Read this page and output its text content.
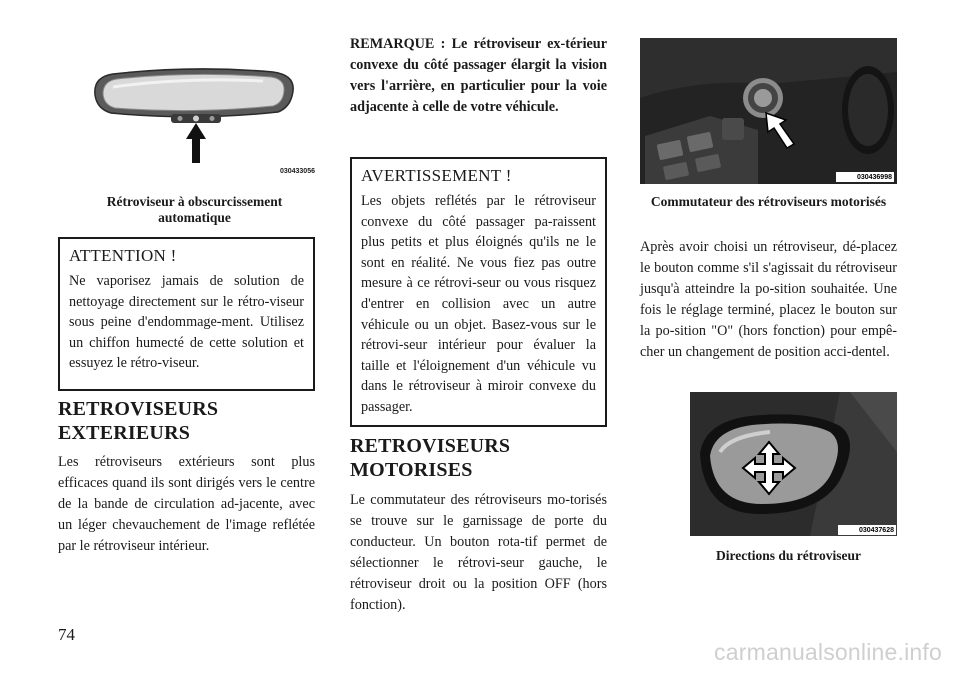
030433056
Rétroviseur à obscurcissement automatique
ATTENTION !
Ne vaporisez jamais de solution de nettoyage directement sur le rétro-viseur sous peine d'endommage-ment. Utilisez un chiffon humecté de cette solution et essuyez le rétro-viseur.
RETROVISEURS EXTERIEURS
Les rétroviseurs extérieurs sont plus efficaces quand ils sont dirigés vers le centre de la bande de circulation ad-jacente, avec un léger chevauchement de l'image reflétée par le rétroviseur intérieur.
REMARQUE : Le rétroviseur ex-térieur convexe du côté passager élargit la vision vers l'arrière, en particulier pour la voie adjacente à celle de votre véhicule.
AVERTISSEMENT !
Les objets reflétés par le rétroviseur convexe du côté passager pa-raissent plus petits et plus éloignés qu'ils ne le sont en réalité. Ne vous fiez pas outre mesure à ce rétrovi-seur ou vous risquez d'entrer en collision avec un autre véhicule ou un objet. Basez-vous sur le rétrovi-seur intérieur pour évaluer la taille et l'éloignement d'un véhicule vu dans le rétroviseur à miroir convexe du passager.
RETROVISEURS MOTORISES
Le commutateur des rétroviseurs mo-torisés se trouve sur le garnissage de porte du conducteur. Un bouton rota-tif permet de sélectionner le rétrovi-seur gauche, le rétroviseur droit ou la position OFF (hors fonction).
030436998
Commutateur des rétroviseurs motorisés
Après avoir choisi un rétroviseur, dé-placez le bouton comme s'il s'agissait du rétroviseur jusqu'à atteindre la po-sition souhaitée. Une fois le réglage terminé, placez le bouton sur la po-sition "O" (hors fonction) pour empê-cher un changement de position acci-dentel.
030437628
Directions du rétroviseur
74
carmanualsonline.info
